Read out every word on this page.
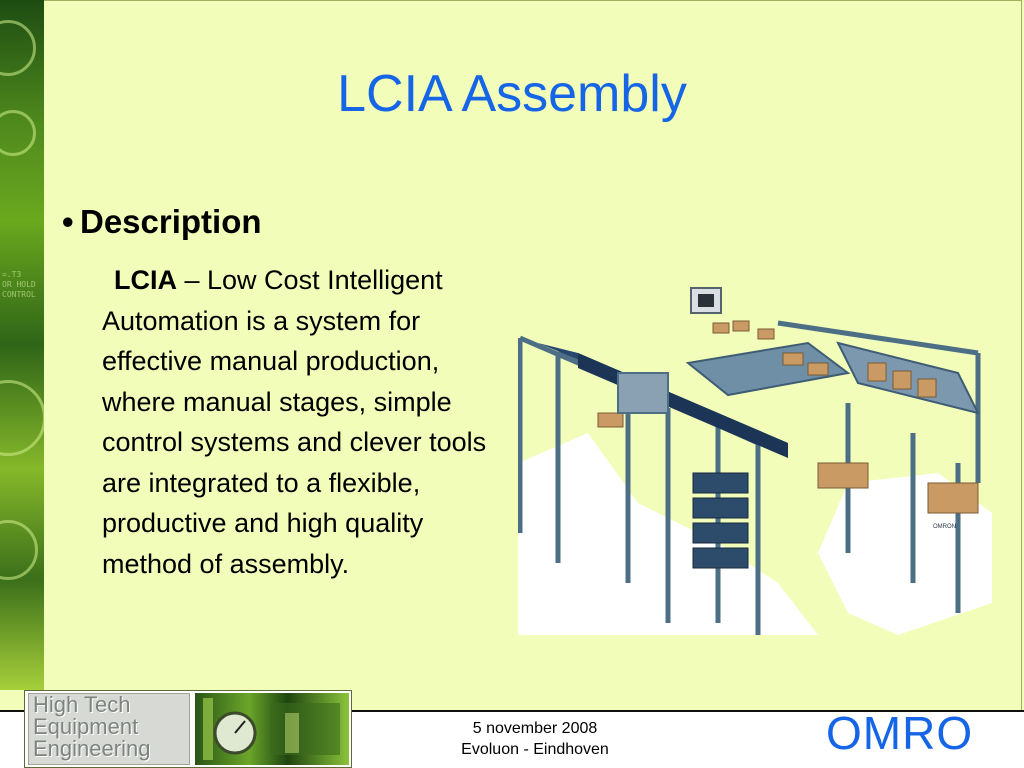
=.T3
OR HOLD
CONTROL
LCIA Assembly
• Description
LCIA – Low Cost Intelligent Automation is a system for effective manual production, where manual stages, simple control systems and clever tools are integrated to a flexible, productive and high quality method of assembly.
OMRON
High Tech
Equipment
Engineering
5 november 2008
Evoluon - Eindhoven	OMRO
